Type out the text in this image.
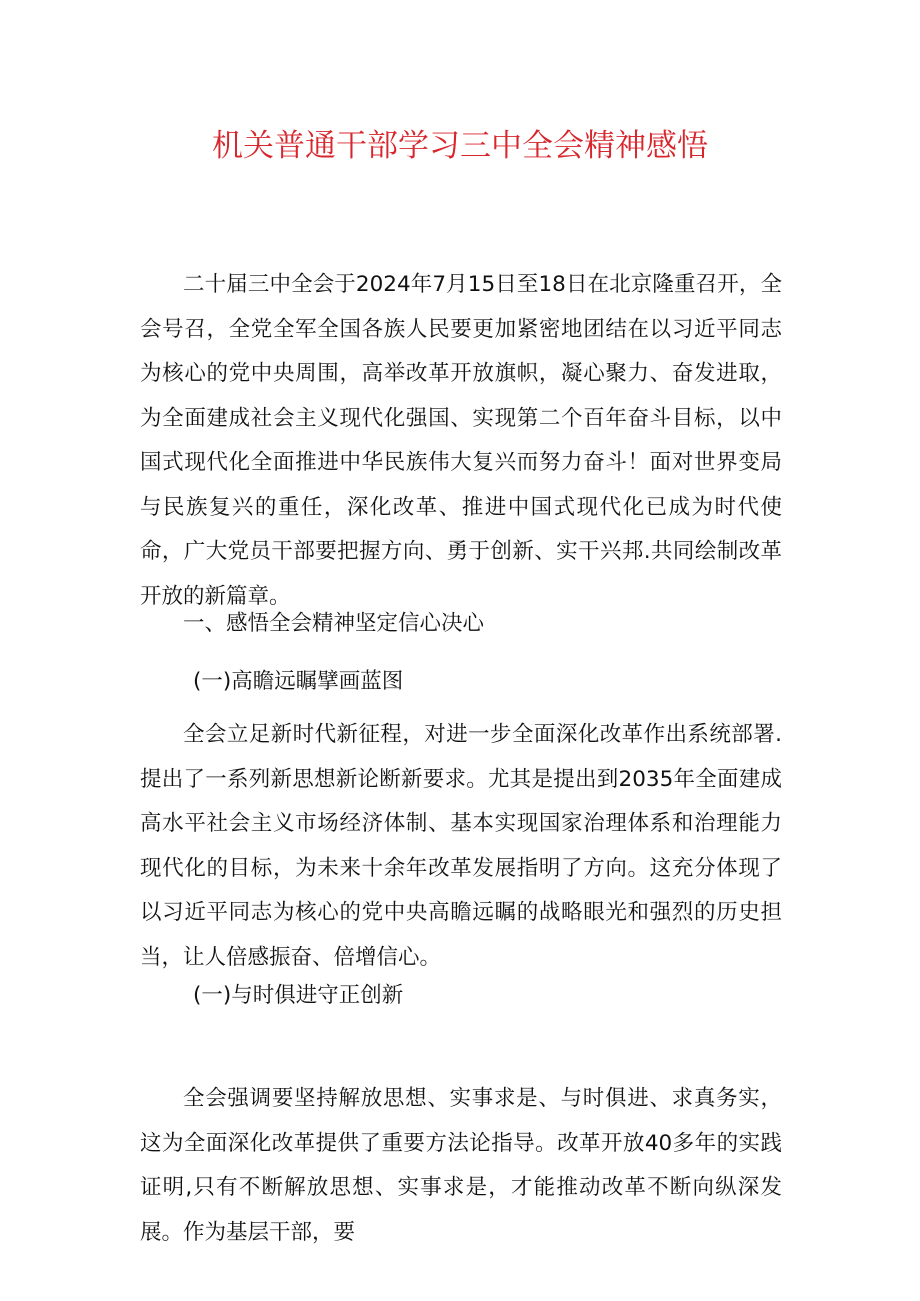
机关普通干部学习三中全会精神感悟

二十届三中全会于2024年7月15日至18日在北京隆重召开，全会号召，全党全军全国各族人民要更加紧密地团结在以习近平同志为核心的党中央周围，高举改革开放旗帜，凝心聚力、奋发进取，为全面建成社会主义现代化强国、实现第二个百年奋斗目标，以中国式现代化全面推进中华民族伟大复兴而努力奋斗！面对世界变局与民族复兴的重任，深化改革、推进中国式现代化已成为时代使命，广大党员干部要把握方向、勇于创新、实干兴邦.共同绘制改革开放的新篇章。

一、感悟全会精神坚定信心决心

(一)高瞻远瞩擘画蓝图

全会立足新时代新征程，对进一步全面深化改革作出系统部署.提出了一系列新思想新论断新要求。尤其是提出到2035年全面建成高水平社会主义市场经济体制、基本实现国家治理体系和治理能力现代化的目标，为未来十余年改革发展指明了方向。这充分体现了以习近平同志为核心的党中央高瞻远瞩的战略眼光和强烈的历史担当，让人倍感振奋、倍增信心。

(一)与时俱进守正创新

全会强调要坚持解放思想、实事求是、与时俱进、求真务实，这为全面深化改革提供了重要方法论指导。改革开放40多年的实践证明,只有不断解放思想、实事求是，才能推动改革不断向纵深发展。作为基层干部，要
